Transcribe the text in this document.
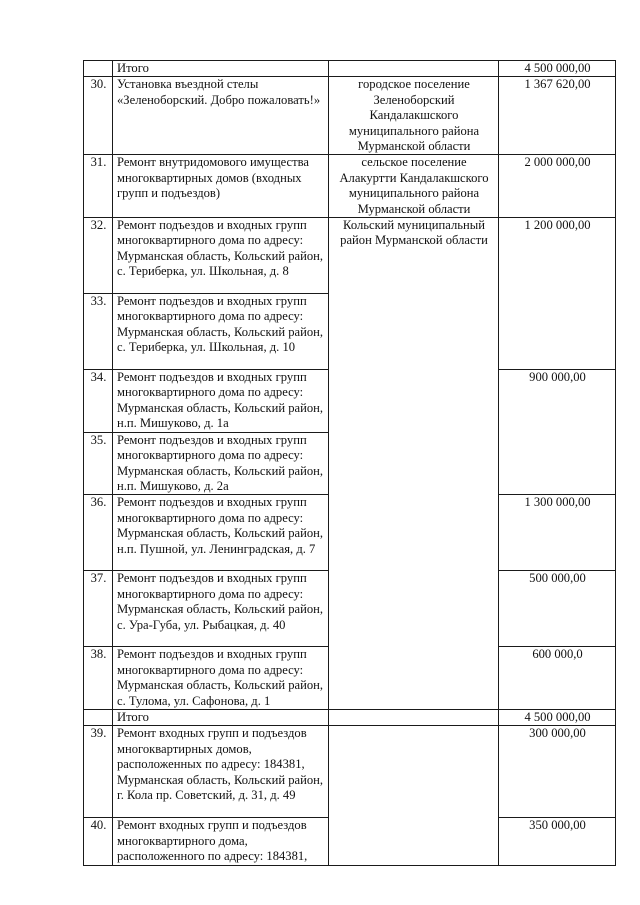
	Итого		4 500 000,00
30.	Установка въездной стелы «Зеленоборский. Добро пожаловать!»	городское поселение Зеленоборский Кандалакшского муниципального района Мурманской области	1 367 620,00
31.	Ремонт внутридомового имущества многоквартирных домов (входных групп и подъездов)	сельское поселение Алакуртти Кандалакшского муниципального района Мурманской области	2 000 000,00
32.	Ремонт подъездов и входных групп многоквартирного дома по адресу: Мурманская область, Кольский район, с. Териберка, ул. Школьная, д. 8	Кольский муниципальный район Мурманской области	1 200 000,00
33.	Ремонт подъездов и входных групп многоквартирного дома по адресу: Мурманская область, Кольский район, с. Териберка, ул. Школьная, д. 10		
34.	Ремонт подъездов и входных групп многоквартирного дома по адресу: Мурманская область, Кольский район, н.п. Мишуково, д. 1а		900 000,00
35.	Ремонт подъездов и входных групп многоквартирного дома по адресу: Мурманская область, Кольский район, н.п. Мишуково, д. 2а		
36.	Ремонт подъездов и входных групп многоквартирного дома по адресу: Мурманская область, Кольский район, н.п. Пушной, ул. Ленинградская, д. 7		1 300 000,00
37.	Ремонт подъездов и входных групп многоквартирного дома по адресу: Мурманская область, Кольский район, с. Ура-Губа, ул. Рыбацкая, д. 40		500 000,00
38.	Ремонт подъездов и входных групп многоквартирного дома по адресу: Мурманская область, Кольский район, с. Тулома, ул. Сафонова, д. 1		600 000,0
	Итого		4 500 000,00
39.	Ремонт входных групп и подъездов многоквартирных домов, расположенных по адресу: 184381, Мурманская область, Кольский район, г. Кола пр. Советский, д. 31, д. 49		300 000,00
40.	Ремонт входных групп и подъездов многоквартирного дома, расположенного по адресу: 184381,		350 000,00
